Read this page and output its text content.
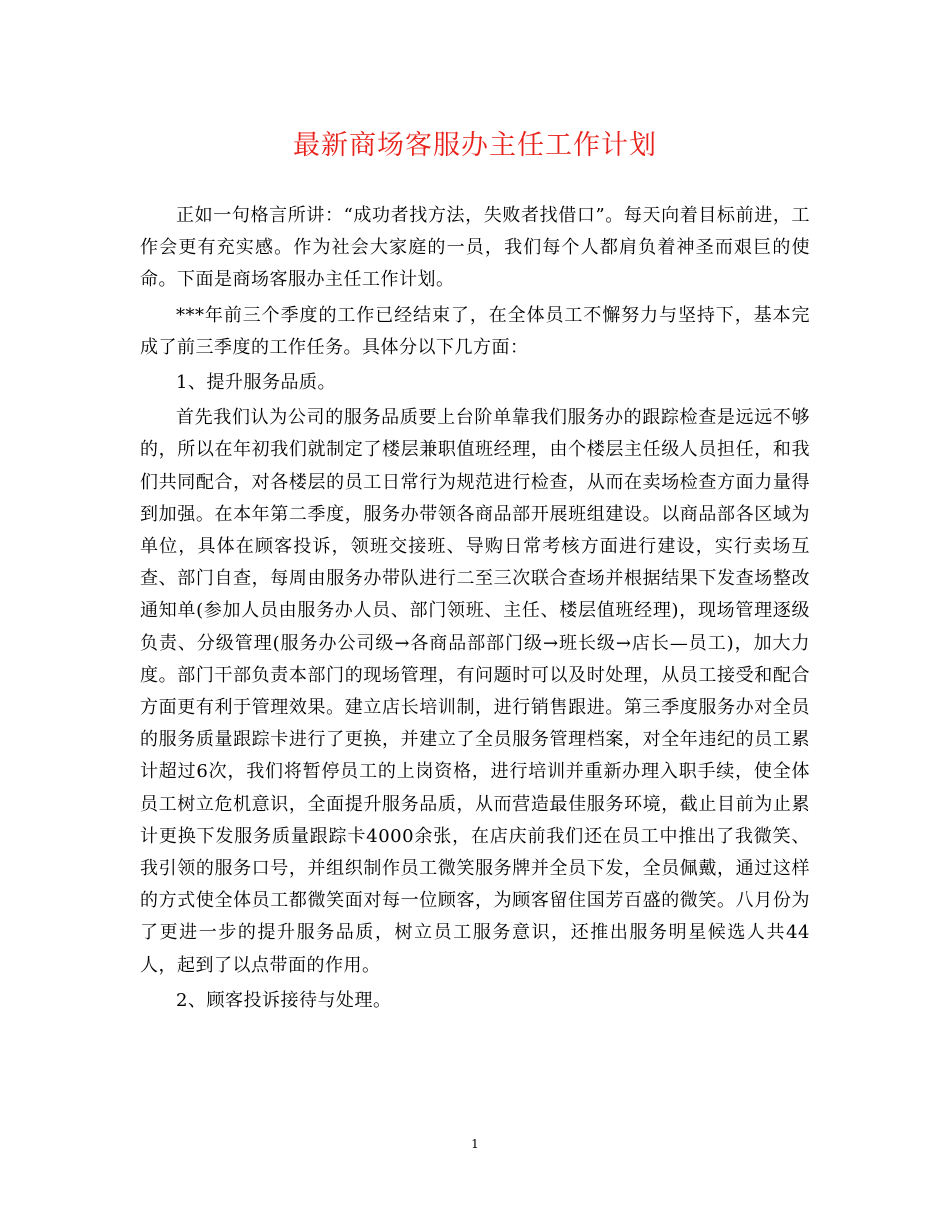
最新商场客服办主任工作计划

正如一句格言所讲：“成功者找方法，失败者找借口”。每天向着目标前进，工作会更有充实感。作为社会大家庭的一员，我们每个人都肩负着神圣而艰巨的使命。下面是商场客服办主任工作计划。

***年前三个季度的工作已经结束了，在全体员工不懈努力与坚持下，基本完成了前三季度的工作任务。具体分以下几方面：

1、提升服务品质。

首先我们认为公司的服务品质要上台阶单靠我们服务办的跟踪检查是远远不够的，所以在年初我们就制定了楼层兼职值班经理，由个楼层主任级人员担任，和我们共同配合，对各楼层的员工日常行为规范进行检查，从而在卖场检查方面力量得到加强。在本年第二季度，服务办带领各商品部开展班组建设。以商品部各区域为单位，具体在顾客投诉，领班交接班、导购日常考核方面进行建设，实行卖场互查、部门自查，每周由服务办带队进行二至三次联合查场并根据结果下发查场整改通知单(参加人员由服务办人员、部门领班、主任、楼层值班经理)，现场管理逐级负责、分级管理(服务办公司级→各商品部部门级→班长级→店长—员工)，加大力度。部门干部负责本部门的现场管理，有问题时可以及时处理，从员工接受和配合方面更有利于管理效果。建立店长培训制，进行销售跟进。第三季度服务办对全员的服务质量跟踪卡进行了更换，并建立了全员服务管理档案，对全年违纪的员工累计超过6次，我们将暂停员工的上岗资格，进行培训并重新办理入职手续，使全体员工树立危机意识，全面提升服务品质，从而营造最佳服务环境，截止目前为止累计更换下发服务质量跟踪卡4000余张，在店庆前我们还在员工中推出了我微笑、我引领的服务口号，并组织制作员工微笑服务牌并全员下发，全员佩戴，通过这样的方式使全体员工都微笑面对每一位顾客，为顾客留住国芳百盛的微笑。八月份为了更进一步的提升服务品质，树立员工服务意识，还推出服务明星候选人共44人，起到了以点带面的作用。

2、顾客投诉接待与处理。

1
